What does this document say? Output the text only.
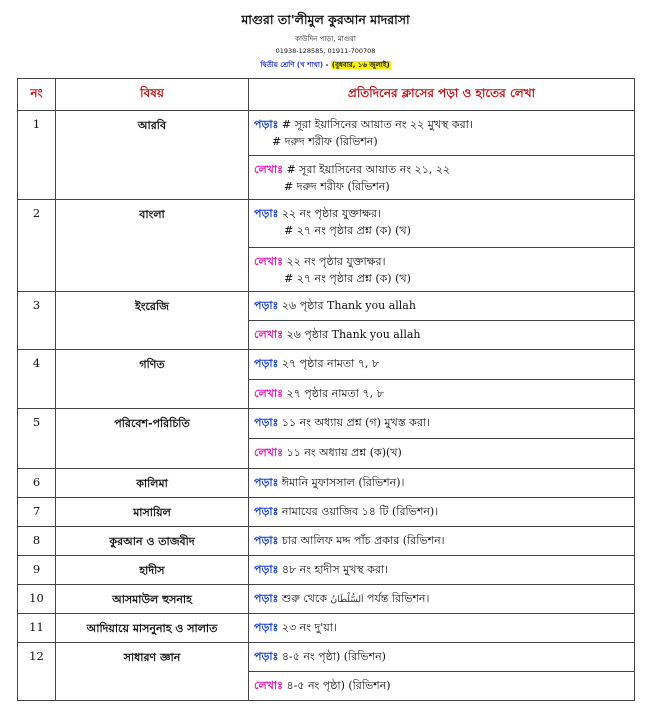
মাগুরা তা'লীমুল কুরআন মাদরাসা
কাউদিন পাড়া, মাগুরা
01938-128585, 01911-700708
দ্বিতীয় শ্রেণি (খ শাখা) - (বুধবার, ১৬ জুলাই)
নং	বিষয়	প্রতিদিনের ক্লাসের পড়া ও হাতের লেখা
1	আরবি	পড়াঃ # সূরা ইয়াসিনের আয়াত নং ২২ মুখস্থ করা।
# দরুদ শরীফ (রিভিশন)

		লেখাঃ # সূরা ইয়াসিনের আয়াত নং ২১, ২২
# দরুদ শরীফ (রিভিশন)

2	বাংলা	পড়াঃ ২২ নং পৃষ্ঠার যুক্তাক্ষর।
# ২৭ নং পৃষ্ঠার প্রশ্ন (ক) (খ)

		লেখাঃ ২২ নং পৃষ্ঠার যুক্তাক্ষর।
# ২৭ নং পৃষ্ঠার প্রশ্ন (ক) (খ)

3	ইংরেজি	পড়াঃ ২৬ পৃষ্ঠার Thank you allah
		লেখাঃ ২৬ পৃষ্ঠার Thank you allah
4	গণিত	পড়াঃ ২৭ পৃষ্ঠার নামতা ৭, ৮
		লেখাঃ ২৭ পৃষ্ঠার নামতা ৭, ৮
5	পরিবেশ-পরিচিতি	পড়াঃ ১১ নং অধ্যায় প্রশ্ন (গ) মুখস্ত করা।
		লেখাঃ ১১ নং অধ্যায় প্রশ্ন (ক)(খ)
6	কালিমা	পড়াঃ ঈমানি মুফাসসাল (রিভিশন)।
7	মাসায়িল	পড়াঃ নামাযের ওয়াজিব ১৪ টি (রিভিশন)।
8	কুরআন ও তাজবীদ	পড়াঃ চার আলিফ মদ্দ পাঁচ প্রকার (রিভিশন।
9	হাদীস	পড়াঃ ৪৮ নং হাদীস মুখস্থ করা।
10	আসমাউল হুসনাহ	পড়াঃ শুরু থেকে اَلسُّلْطَانُ পর্যন্ত রিভিশন।
11	আদিয়ায়ে মাসনুনাহ ও সালাত	পড়াঃ ২৩ নং দু'য়া।
12	সাধারণ জ্ঞান	পড়াঃ ৪-৫ নং পৃষ্ঠা) (রিভিশন)
		লেখাঃ ৪-৫ নং পৃষ্ঠা) (রিভিশন)
